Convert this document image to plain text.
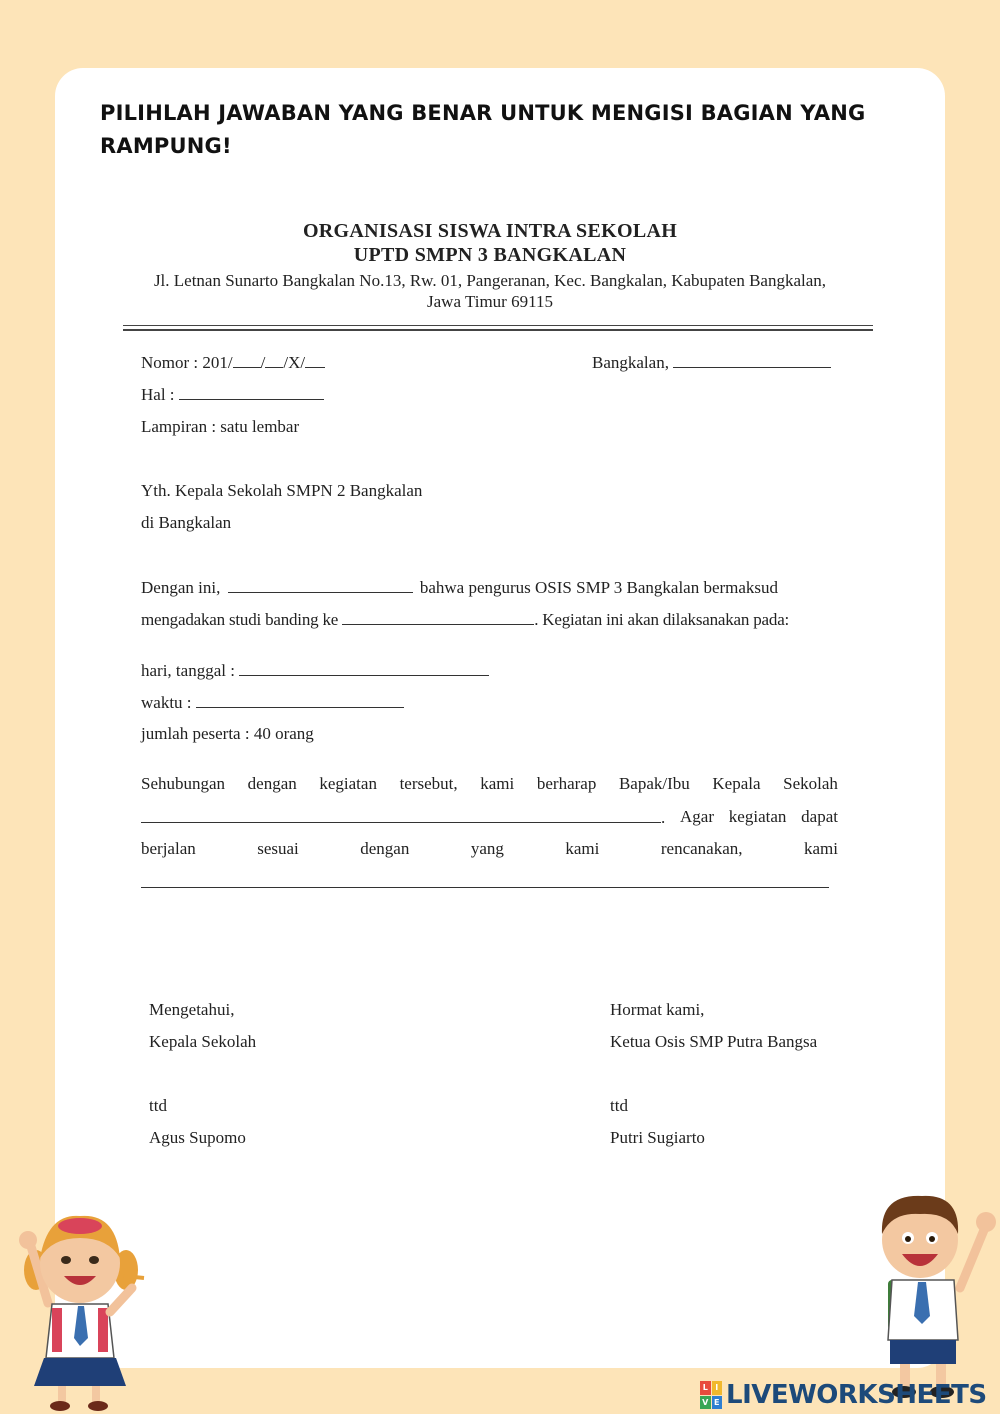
PILIHLAH JAWABAN YANG BENAR UNTUK MENGISI BAGIAN YANG RAMPUNG!
ORGANISASI SISWA INTRA SEKOLAH
UPTD SMPN 3 BANGKALAN
Jl. Letnan Sunarto Bangkalan No.13, Rw. 01, Pangeranan, Kec. Bangkalan, Kabupaten Bangkalan,
Jawa Timur 69115
Nomor : 201/ / /X/	Bangkalan,
Hal :
Lampiran : satu lembar
Yth. Kepala Sekolah SMPN 2 Bangkalan
di Bangkalan
Dengan ini,	bahwa pengurus OSIS SMP 3 Bangkalan bermaksud
mengadakan studi banding ke	. Kegiatan ini akan dilaksanakan pada:
hari, tanggal :
waktu :
jumlah peserta : 40 orang
Sehubungan dengan kegiatan tersebut, kami berharap Bapak/Ibu Kepala Sekolah
. Agar kegiatan dapat
berjalan	sesuai	dengan	yang	kami	rencanakan,	kami
Mengetahui,
Kepala Sekolah
ttd
Agus Supomo
Hormat kami,
Ketua Osis SMP Putra Bangsa
ttd
Putri Sugiarto
L I
V E LIVEWORKSHEETS
